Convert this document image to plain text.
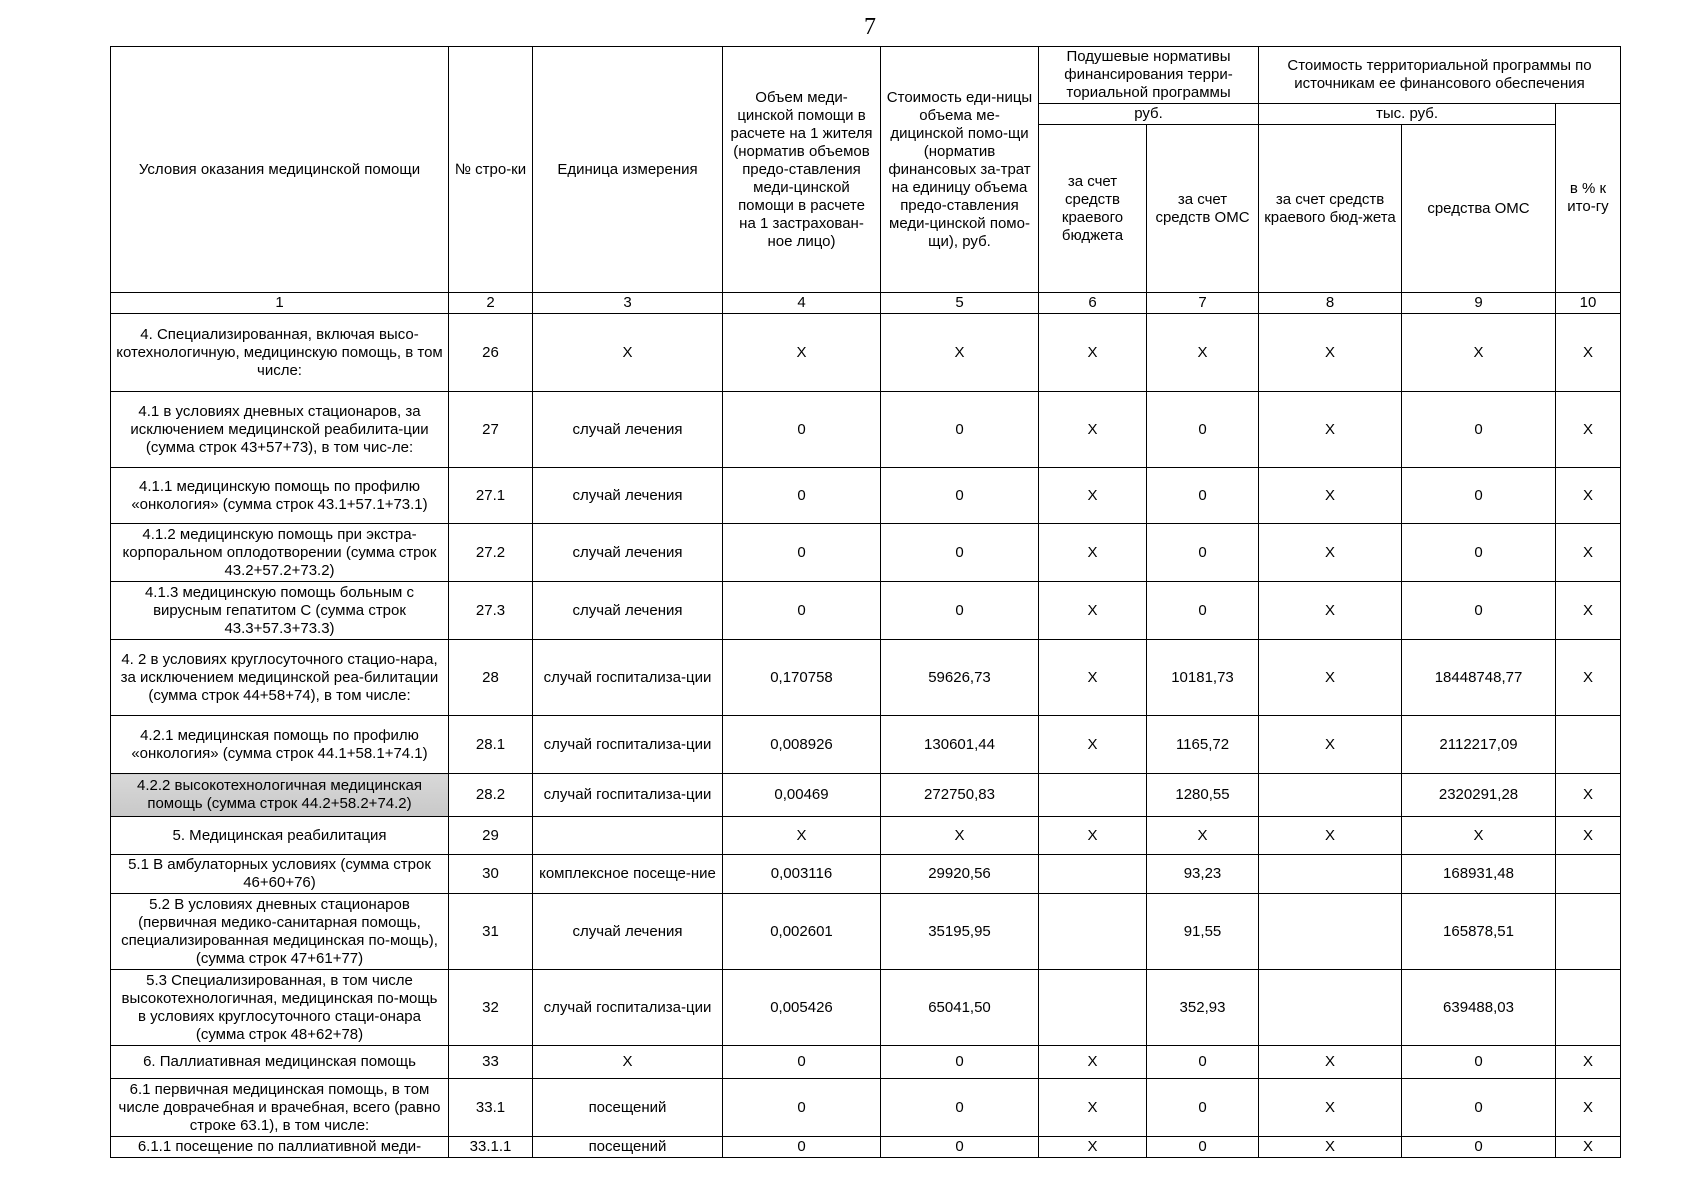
7
Условия оказания медицинской помощи	№ стро-ки	Единица измерения	Объем меди-цинской помощи в расчете на 1 жителя (норматив объемов предо-ставления меди-цинской помощи в расчете на 1 застрахован-ное лицо)	Стоимость еди-ницы объема ме-дицинской помо-щи (норматив финансовых за-трат на единицу объема предо-ставления меди-цинской помо-щи), руб.	Подушевые нормативы финансирования терри-ториальной программы		Стоимость территориальной программы по источникам ее финансового обеспечения		
					руб.		тыс. руб.		в % к ито-гу
					за счет средств краевого бюджета	за счет средств ОМС	за счет средств краевого бюд-жета	средства ОМС	
1	2	3	4	5	6	7	8	9	10
4. Специализированная, включая высо-котехнологичную, медицинскую помощь, в том числе:	26	Х	Х	Х	Х	Х	Х	Х	Х
4.1 в условиях дневных стационаров, за исключением медицинской реабилита-ции (сумма строк 43+57+73), в том чис-ле:	27	случай лечения	0	0	Х	0	Х	0	Х
4.1.1 медицинскую помощь по профилю «онкология» (сумма строк 43.1+57.1+73.1)	27.1	случай лечения	0	0	Х	0	Х	0	Х
4.1.2 медицинскую помощь при экстра-корпоральном оплодотворении (сумма строк 43.2+57.2+73.2)	27.2	случай лечения	0	0	Х	0	Х	0	Х
4.1.3 медицинскую помощь больным с вирусным гепатитом С (сумма строк 43.3+57.3+73.3)	27.3	случай лечения	0	0	Х	0	Х	0	Х
4. 2 в условиях круглосуточного стацио-нара, за исключением медицинской реа-билитации (сумма строк 44+58+74), в том числе:	28	случай госпитализа-ции	0,170758	59626,73	Х	10181,73	Х	18448748,77	Х
4.2.1 медицинская помощь по профилю «онкология» (сумма строк 44.1+58.1+74.1)	28.1	случай госпитализа-ции	0,008926	130601,44	Х	1165,72	Х	2112217,09	
4.2.2 высокотехнологичная медицинская помощь (сумма строк 44.2+58.2+74.2)	28.2	случай госпитализа-ции	0,00469	272750,83		1280,55		2320291,28	Х
5. Медицинская реабилитация	29		Х	Х	Х	Х	Х	Х	Х
5.1 В амбулаторных условиях (сумма строк 46+60+76)	30	комплексное посеще-ние	0,003116	29920,56		93,23		168931,48	
5.2 В условиях дневных стационаров (первичная медико-санитарная помощь, специализированная медицинская по-мощь), (сумма строк 47+61+77)	31	случай лечения	0,002601	35195,95		91,55		165878,51	
5.3 Специализированная, в том числе высокотехнологичная, медицинская по-мощь в условиях круглосуточного стаци-онара (сумма строк 48+62+78)	32	случай госпитализа-ции	0,005426	65041,50		352,93		639488,03	
6. Паллиативная медицинская помощь	33	Х	0	0	Х	0	Х	0	Х
6.1 первичная медицинская помощь, в том числе доврачебная и врачебная, всего (равно строке 63.1), в том числе:	33.1	посещений	0	0	Х	0	Х	0	Х
6.1.1 посещение по паллиативной меди-	33.1.1	посещений	0	0	Х	0	Х	0	Х
